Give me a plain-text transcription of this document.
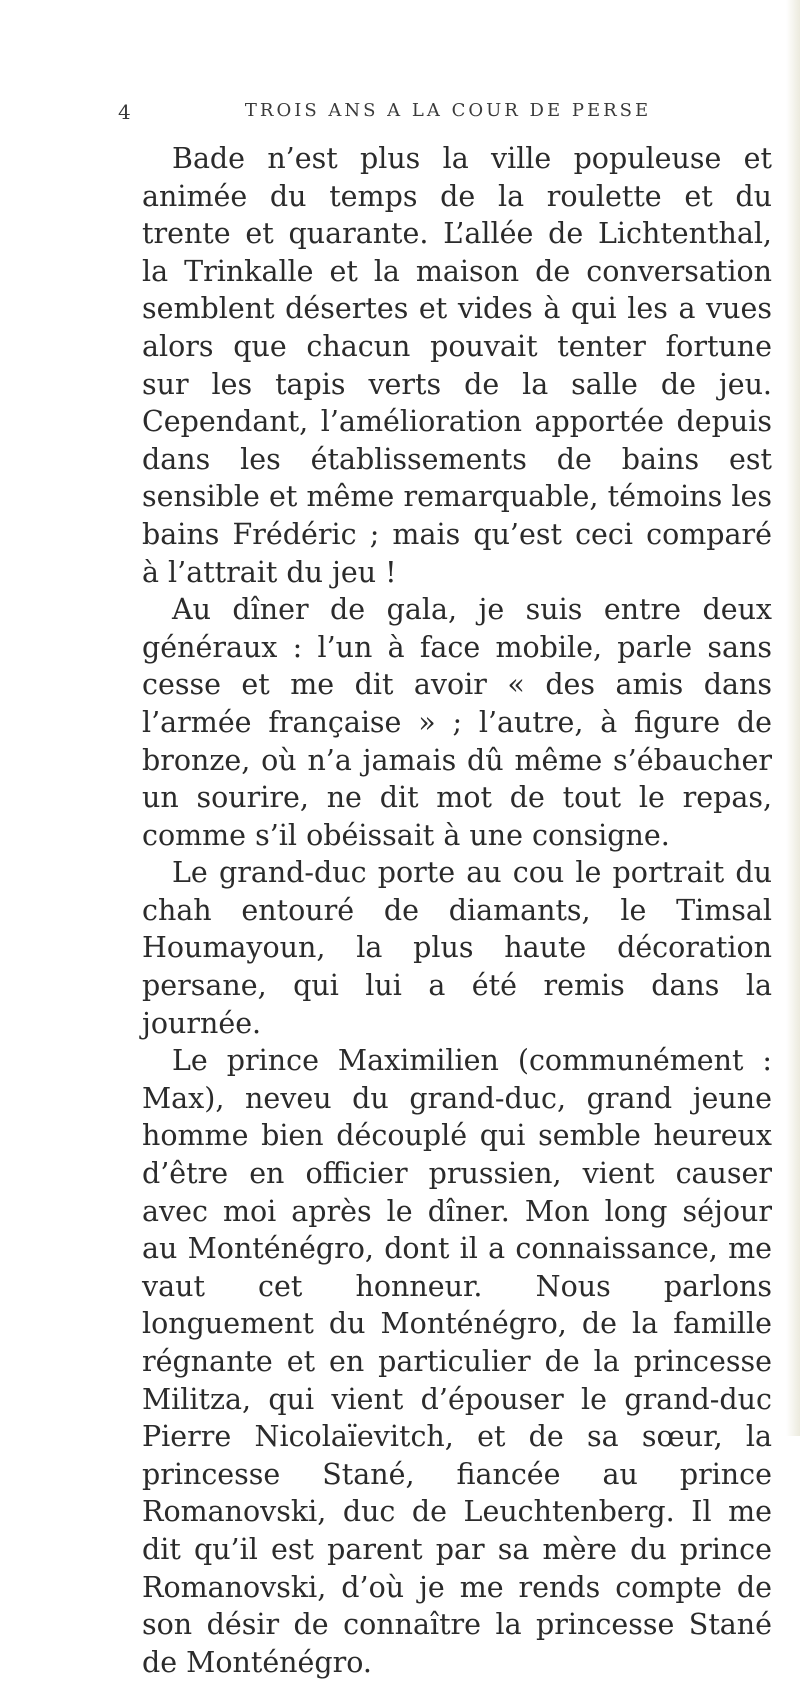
4	TROIS ANS A LA COUR DE PERSE

Bade n’est plus la ville populeuse et animée du temps de la roulette et du trente et quarante. L’allée de Lichtenthal, la Trinkalle et la maison de conversation semblent désertes et vides à qui les a vues alors que chacun pouvait tenter fortune sur les tapis verts de la salle de jeu. Cependant, l’amélioration apportée depuis dans les établissements de bains est sensible et même remarquable, témoins les bains Frédéric ; mais qu’est ceci comparé à l’attrait du jeu !

Au dîner de gala, je suis entre deux généraux : l’un à face mobile, parle sans cesse et me dit avoir « des amis dans l’armée française » ; l’autre, à figure de bronze, où n’a jamais dû même s’ébaucher un sourire, ne dit mot de tout le repas, comme s’il obéissait à une consigne.

Le grand-duc porte au cou le portrait du chah entouré de diamants, le Timsal Houmayoun, la plus haute décoration persane, qui lui a été remis dans la journée.

Le prince Maximilien (communément : Max), neveu du grand-duc, grand jeune homme bien découplé qui semble heureux d’être en officier prussien, vient causer avec moi après le dîner. Mon long séjour au Monténégro, dont il a connaissance, me vaut cet honneur. Nous parlons longuement du Monténégro, de la famille régnante et en particulier de la princesse Militza, qui vient d’épouser le grand-duc Pierre Nicolaïevitch, et de sa sœur, la princesse Stané, fiancée au prince Romanovski, duc de Leuchtenberg. Il me dit qu’il est parent par sa mère du prince Romanovski, d’où je me rends compte de son désir de connaître la princesse Stané de Monténégro.
